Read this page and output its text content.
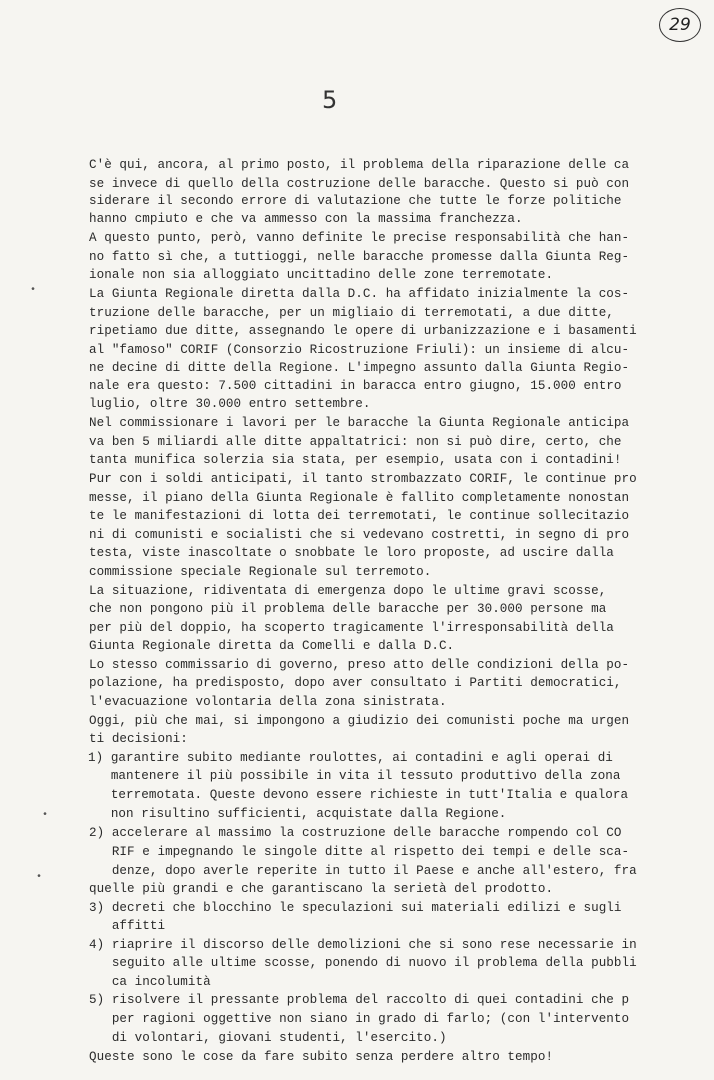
29
5
•
•
•
C'è qui, ancora, al primo posto, il problema della riparazione delle ca
se invece di quello della costruzione delle baracche. Questo si può con
siderare il secondo errore di valutazione che tutte le forze politiche
hanno cmpiuto e che va ammesso con la massima franchezza.
A questo punto, però, vanno definite le precise responsabilità che han-
no fatto sì che, a tuttioggi, nelle baracche promesse dalla Giunta Reg-
ionale non sia alloggiato uncittadino delle zone terremotate.
La Giunta Regionale diretta dalla D.C. ha affidato inizialmente la cos-
truzione delle baracche, per un migliaio di terremotati, a due ditte,
ripetiamo due ditte, assegnando le opere di urbanizzazione e i basamenti
al "famoso" CORIF (Consorzio Ricostruzione Friuli): un insieme di alcu-
ne decine di ditte della Regione. L'impegno assunto dalla Giunta Regio-
nale era questo: 7.500 cittadini in baracca entro giugno, 15.000 entro
luglio, oltre 30.000 entro settembre.
Nel commissionare i lavori per le baracche la Giunta Regionale anticipa
va ben 5 miliardi alle ditte appaltatrici: non si può dire, certo, che
tanta munifica solerzia sia stata, per esempio, usata con i contadini!
Pur con i soldi anticipati, il tanto strombazzato CORIF, le continue pro
messe, il piano della Giunta Regionale è fallito completamente nonostan
te le manifestazioni di lotta dei terremotati, le continue sollecitazio
ni di comunisti e socialisti che si vedevano costretti, in segno di pro
testa, viste inascoltate o snobbate le loro proposte, ad uscire dalla
commissione speciale Regionale sul terremoto.
La situazione, ridiventata di emergenza dopo le ultime gravi scosse,
che non pongono più il problema delle baracche per 30.000 persone ma
per più del doppio, ha scoperto tragicamente l'irresponsabilità della
Giunta Regionale diretta da Comelli e dalla D.C.
Lo stesso commissario di governo, preso atto delle condizioni della po-
polazione, ha predisposto, dopo aver consultato i Partiti democratici,
l'evacuazione volontaria della zona sinistrata.
Oggi, più che mai, si impongono a giudizio dei comunisti poche ma urgen
ti decisioni:
1) garantire subito mediante roulottes, ai contadini e agli operai di
mantenere il più possibile in vita il tessuto produttivo della zona
terremotata. Queste devono essere richieste in tutt'Italia e qualora
non risultino sufficienti, acquistate dalla Regione.
2) accelerare al massimo la costruzione delle baracche rompendo col CO
RIF e impegnando le singole ditte al rispetto dei tempi e delle sca-
denze, dopo averle reperite in tutto il Paese e anche all'estero, fra
quelle più grandi e che garantiscano la serietà del prodotto.
3) decreti che blocchino le speculazioni sui materiali edilizi e sugli
affitti
4) riaprire il discorso delle demolizioni che si sono rese necessarie in
seguito alle ultime scosse, ponendo di nuovo il problema della pubbli
ca incolumità
5) risolvere il pressante problema del raccolto di quei contadini che p
per ragioni oggettive non siano in grado di farlo; (con l'intervento
di volontari, giovani studenti, l'esercito.)
Queste sono le cose da fare subito senza perdere altro tempo!
